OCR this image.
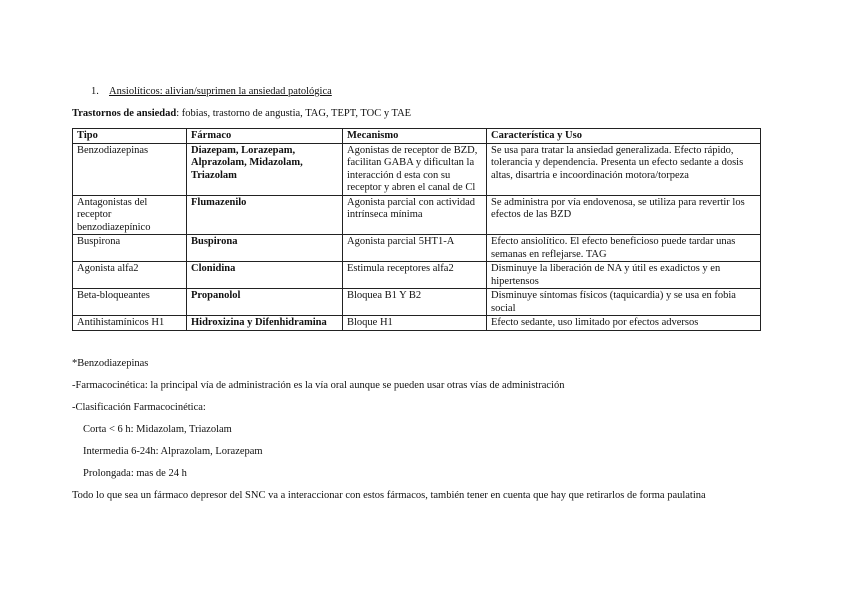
1. Ansiolíticos: alivian/suprimen la ansiedad patológica
Trastornos de ansiedad: fobias, trastorno de angustia, TAG, TEPT, TOC y TAE
Tipo	Fármaco	Mecanismo	Característica y Uso
Benzodiazepinas	Diazepam, Lorazepam, Alprazolam, Midazolam, Triazolam	Agonistas de receptor de BZD, facilitan GABA y dificultan la interacción d esta con su receptor y abren el canal de Cl	Se usa para tratar la ansiedad generalizada. Efecto rápido, tolerancia y dependencia. Presenta un efecto sedante a dosis altas, disartria e incoordinación motora/torpeza
Antagonistas del receptor benzodiazepínico	Flumazenilo	Agonista parcial con actividad intrínseca mínima	Se administra por vía endovenosa, se utiliza para revertir los efectos de las BZD
Buspirona	Buspirona	Agonista parcial 5HT1-A	Efecto ansiolítico. El efecto beneficioso puede tardar unas semanas en reflejarse. TAG
Agonista alfa2	Clonidina	Estimula receptores alfa2	Disminuye la liberación de NA y útil es exadictos y en hipertensos
Beta-bloqueantes	Propanolol	Bloquea B1 Y B2	Disminuye síntomas físicos (taquicardia) y se usa en fobia social
Antihistamínicos H1	Hidroxizina y Difenhidramina	Bloque H1	Efecto sedante, uso limitado por efectos adversos
*Benzodiazepinas
-Farmacocinética: la principal vía de administración es la vía oral aunque se pueden usar otras vías de administración
-Clasificación Farmacocinética:
Corta < 6 h: Midazolam, Triazolam
Intermedia 6-24h: Alprazolam, Lorazepam
Prolongada: mas de 24 h
Todo lo que sea un fármaco depresor del SNC va a interaccionar con estos fármacos, también tener en cuenta que hay que retirarlos de forma paulatina
